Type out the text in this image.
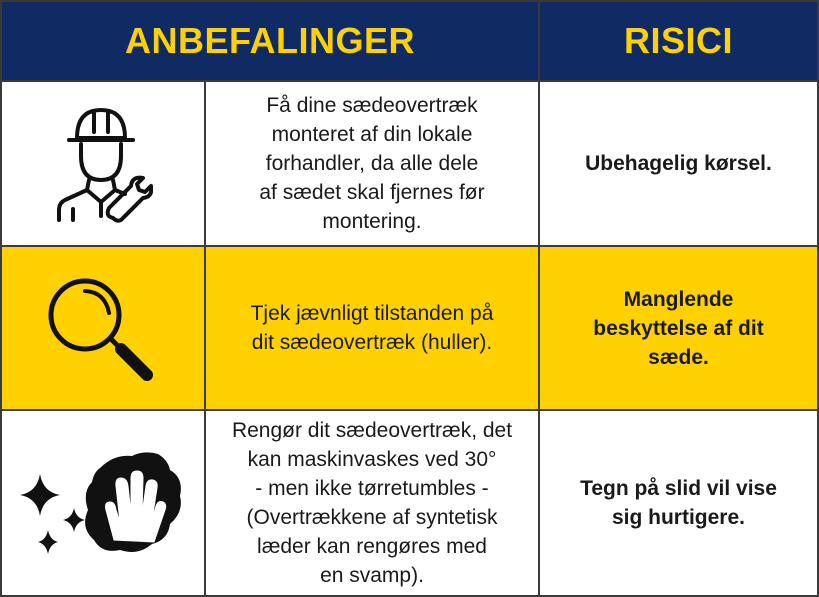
ANBEFALINGER	RISICI
Få dine sædeovertræk
monteret af din lokale
forhandler, da alle dele
af sædet skal fjernes før
montering.
Ubehagelig kørsel.
Tjek jævnligt tilstanden på
dit sædeovertræk (huller).
Manglende
beskyttelse af dit
sæde.
Rengør dit sædeovertræk, det
kan maskinvaskes ved 30°
- men ikke tørretumbles -
(Overtrækkene af syntetisk
læder kan rengøres med
en svamp).
Tegn på slid vil vise
sig hurtigere.
